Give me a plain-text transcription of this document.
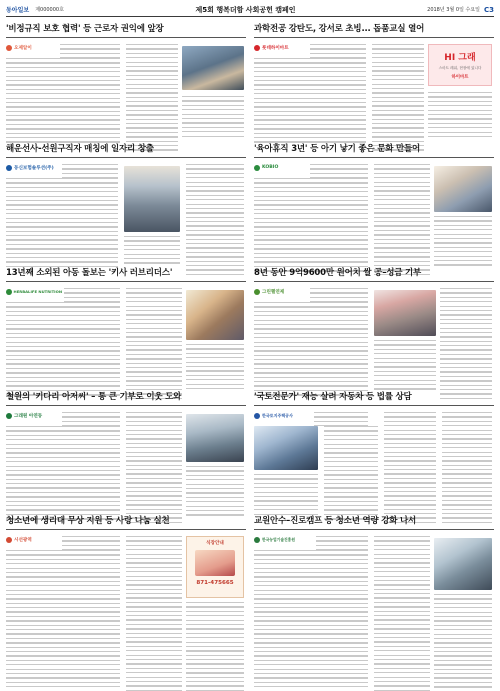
동아일보 제000000호	제5회 행복더함 사회공헌 캠페인	2018년 3월 0일 수요일 C3
'비정규직 보호 협력' 등 근로자 권익에 앞장
오제알이
해운선사-선원구직자 매칭에 일자리 창출
동신보험솔루션(주)
13년째 소외된 아동 돌보는 '키사 러브리더스'
HERBALIFE NUTRITION
철원의 '키다리 아저씨' – 통 큰 기부로 이웃 도와
그래원 아연동
청소년에 생리대 무상 지원 등 사랑 나눔 실천
시선광역
식장안내
871-475665
과학전공 강탄도, 강서로 초빙... 돕품교실 열어
롯데하이마트
HI 그래
스마트 레위, 현장에 있니다
하이마트
'육아휴직 3년' 등 아기 낳기 좋은 문화 만들어
KOBIO
8년 동안 9억9600만 원어치 쌀 공–성금 기부
그린헬연제
'국토전문가' 재능 살려 자동차 등 법률 상담
한국토지주택공사
교원안수–진로캠프 등 청소년 역량 강화 나서
한국농업기술진흥원
